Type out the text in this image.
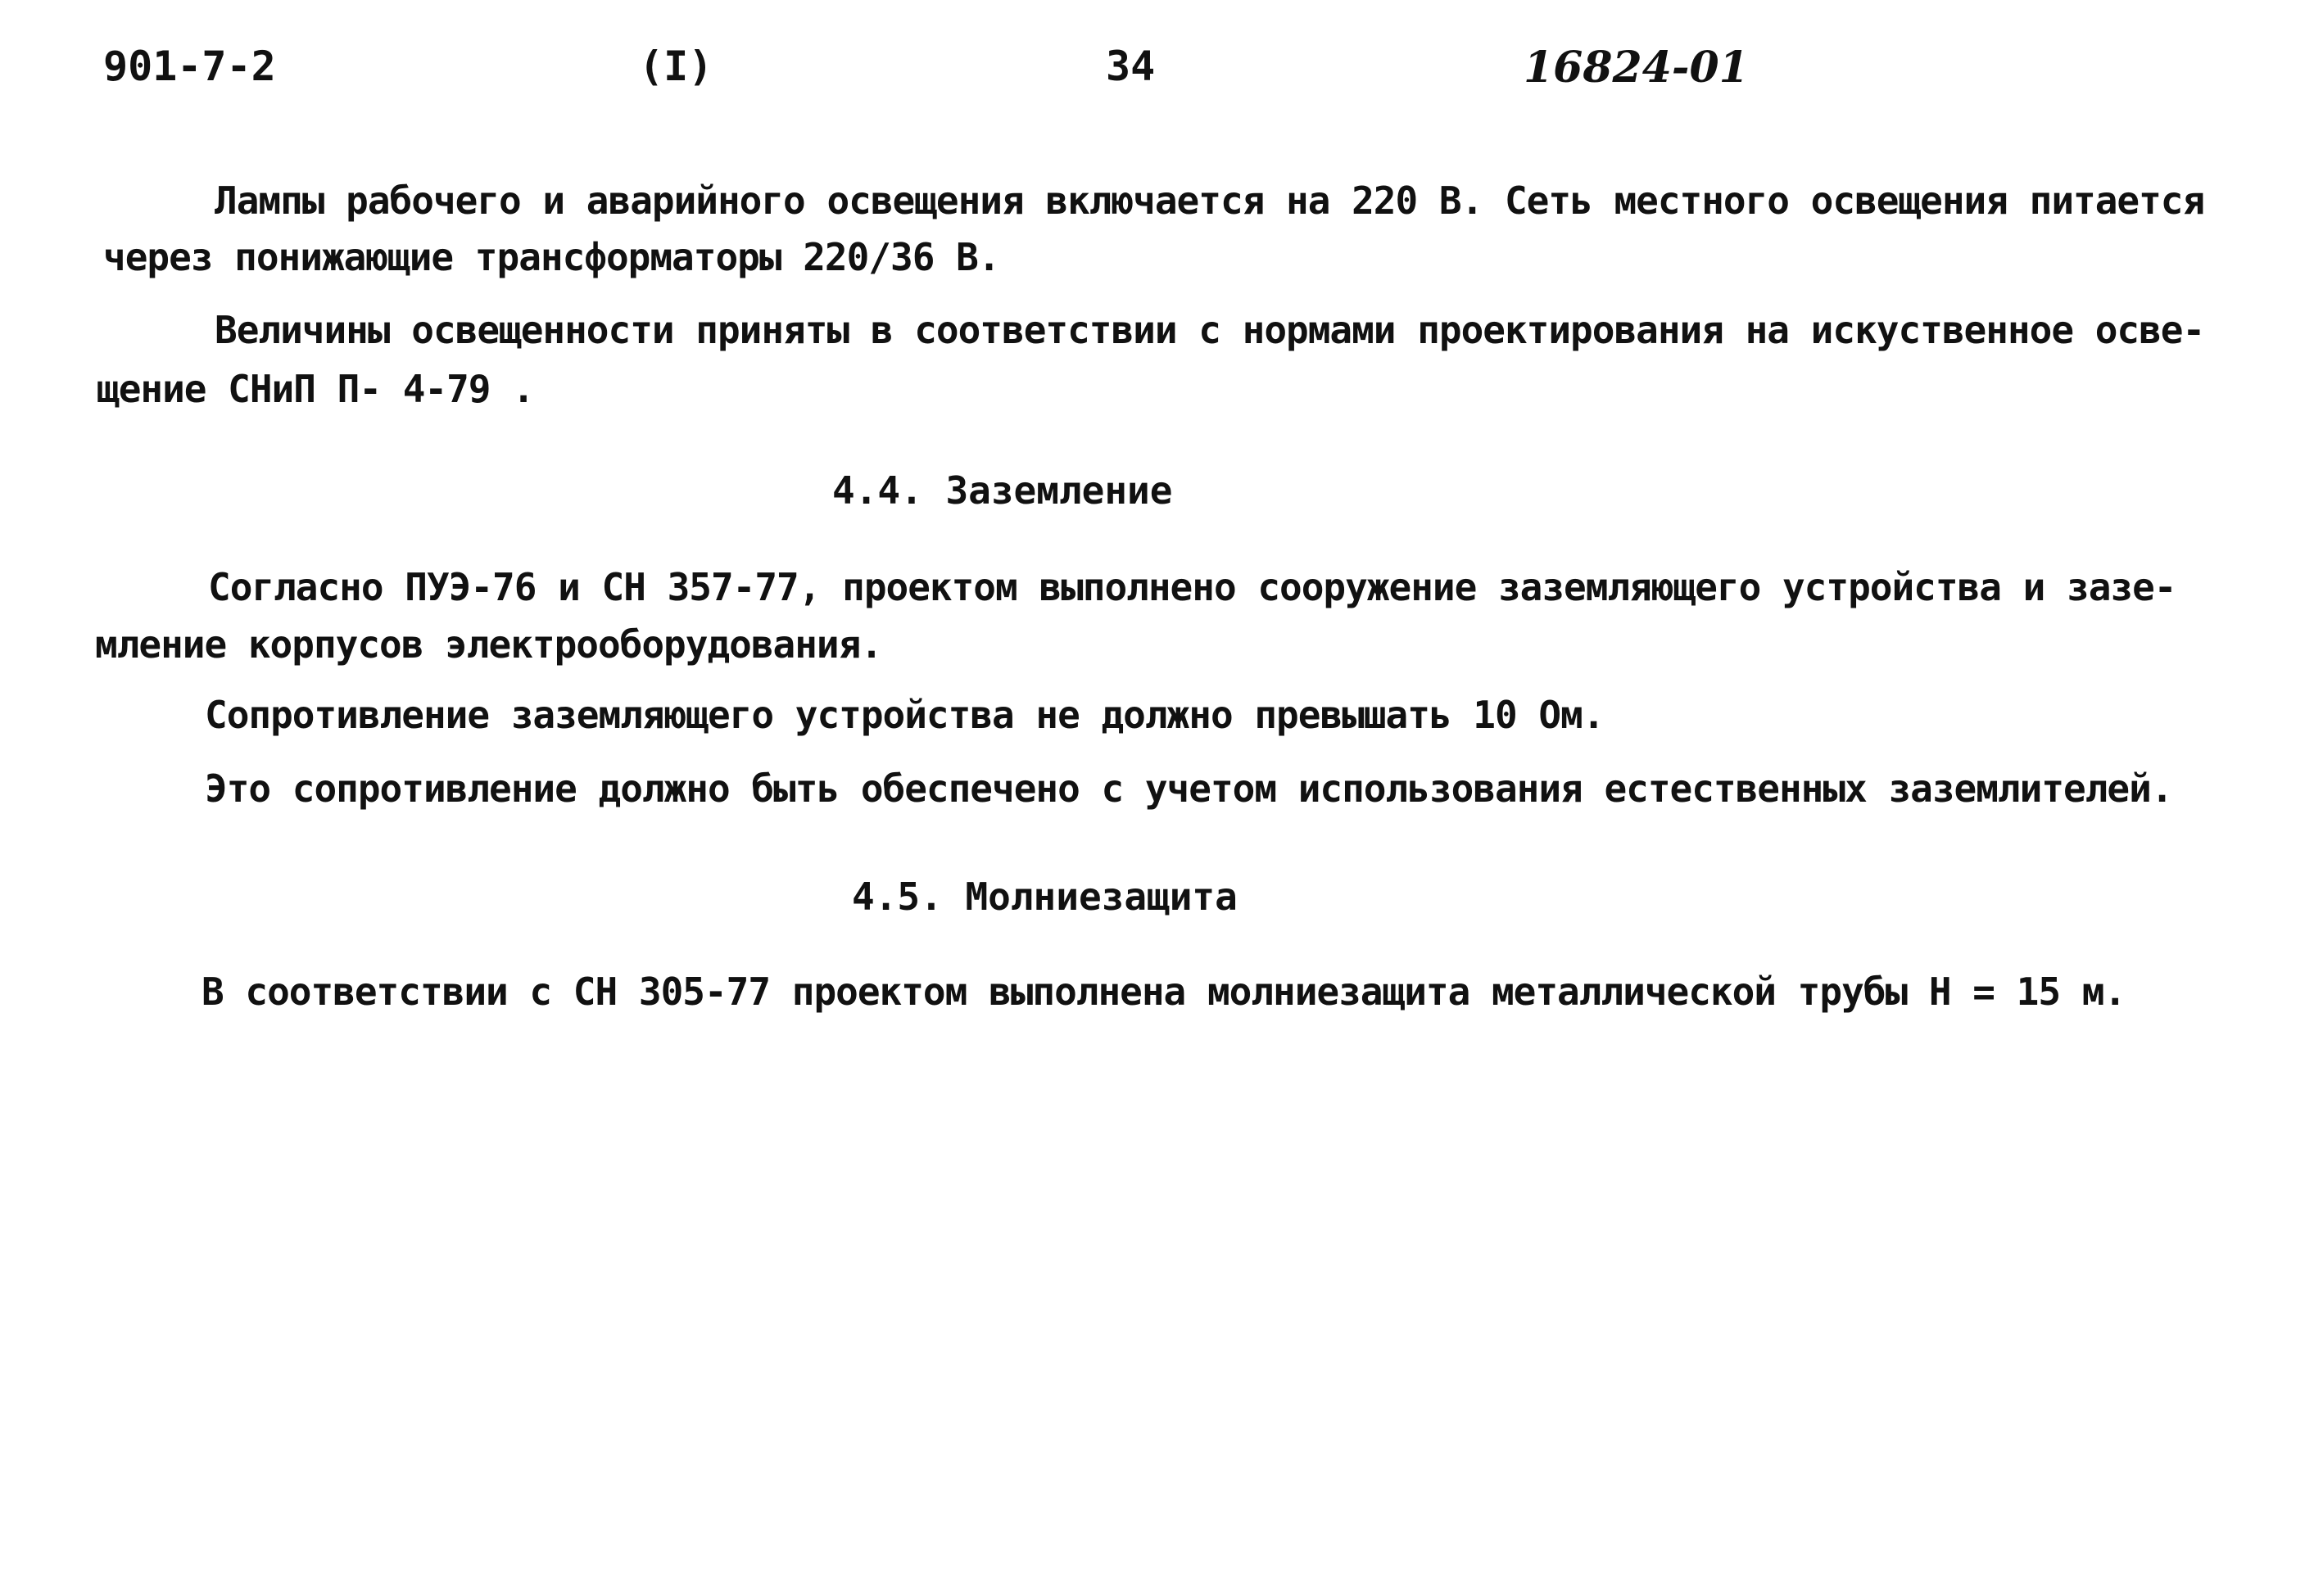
901-7-2	(I)	34	16824-01
Лампы рабочего и аварийного освещения включается на 220 В. Сеть местного освещения питается
через понижающие трансформаторы 220/36 В.
Величины освещенности приняты в соответствии с нормами проектирования на искуственное осве-
щение СНиП П- 4-79 .
4.4. Заземление
Согласно ПУЭ-76 и СН 357-77, проектом выполнено сооружение заземляющего устройства и зазе-
мление корпусов электрооборудования.
Сопротивление заземляющего устройства не должно превышать 10 Ом.
Это сопротивление должно быть обеспечено с учетом использования естественных заземлителей.
4.5. Молниезащита
В соответствии с СН 305-77 проектом выполнена молниезащита металлической трубы Н = 15 м.
